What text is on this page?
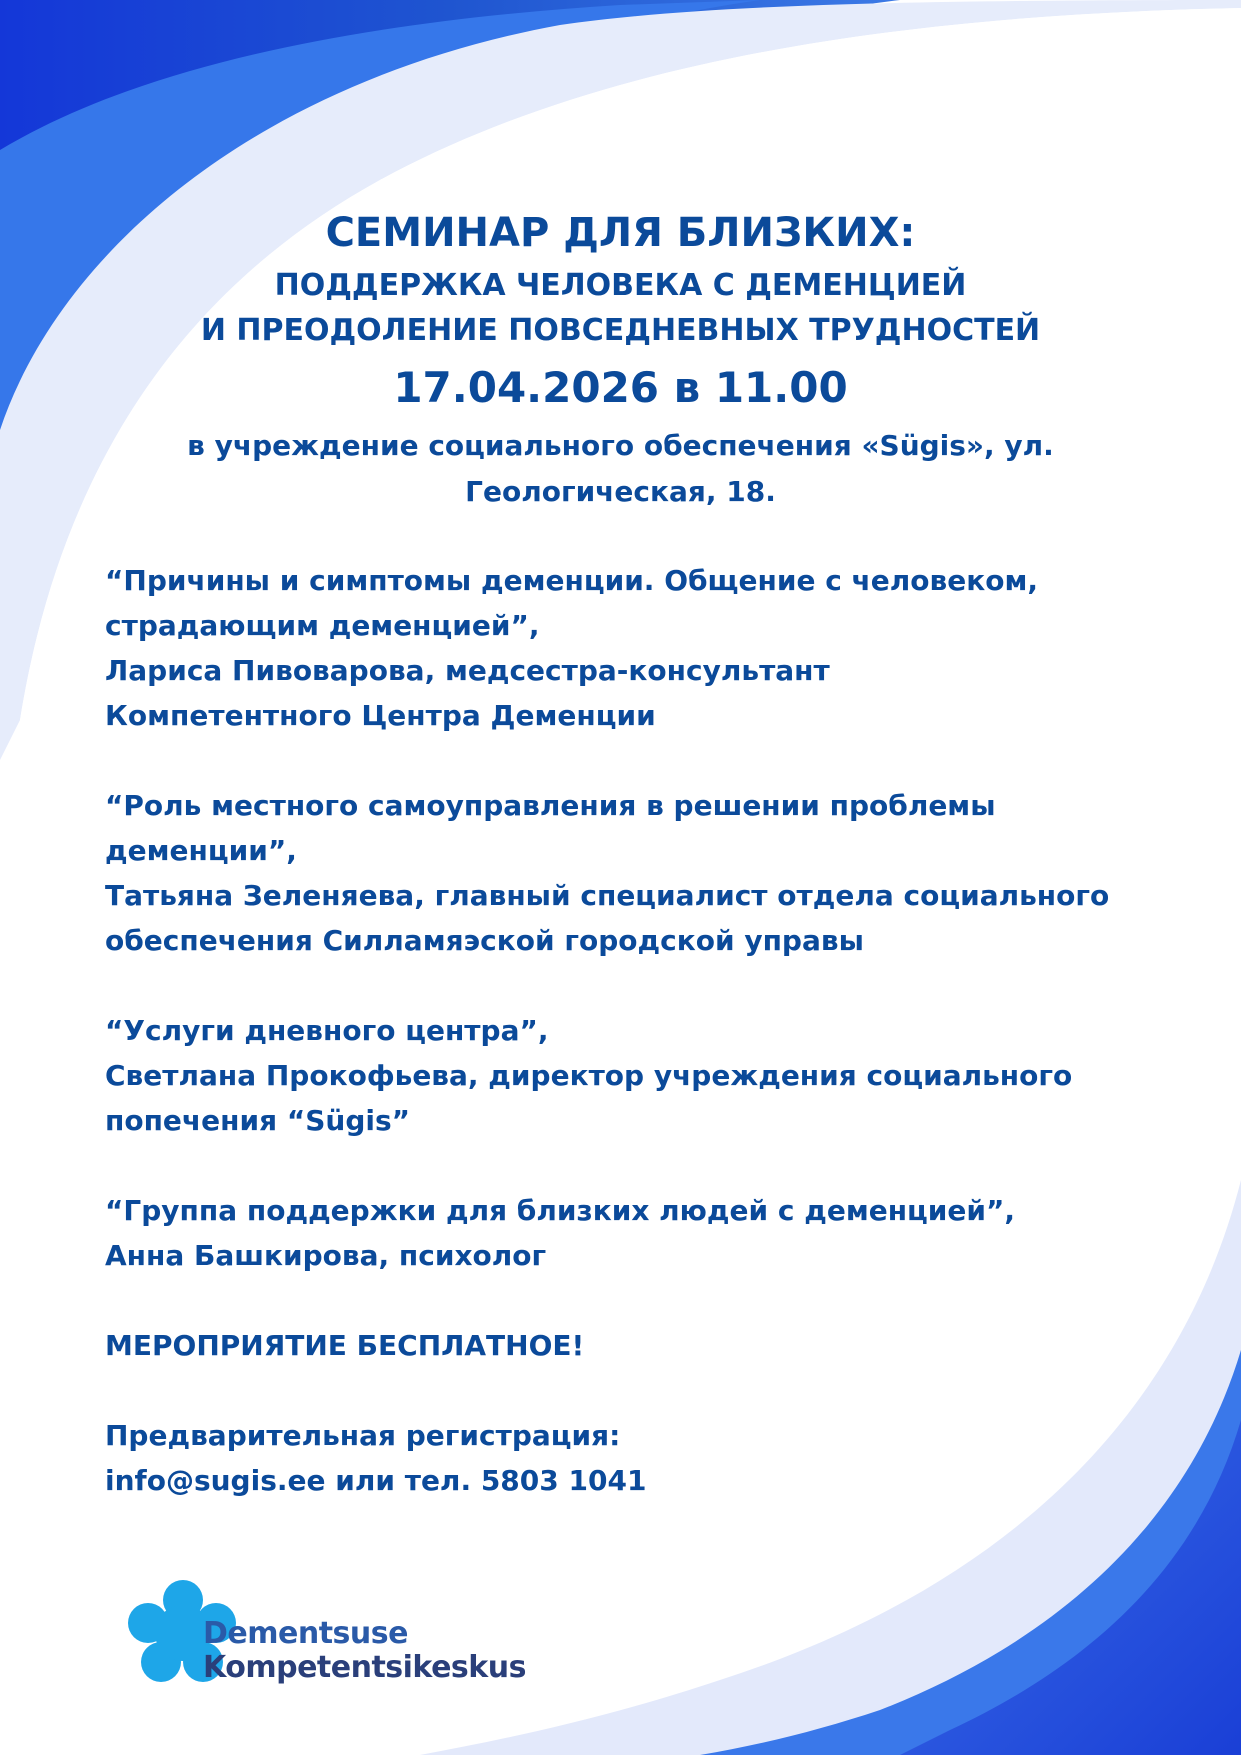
СЕМИНАР ДЛЯ БЛИЗКИХ:
ПОДДЕРЖКА ЧЕЛОВЕКА С ДЕМЕНЦИЕЙ
И ПРЕОДОЛЕНИЕ ПОВСЕДНЕВНЫХ ТРУДНОСТЕЙ
17.04.2026 в 11.00
в учреждение социального обеспечения «Sügis», ул. Геологическая, 18.

“Причины и симптомы деменции. Общение с человеком, страдающим деменцией”,
Лариса Пивоварова, медсестра-консультант
Компетентного Центра Деменции

“Роль местного самоуправления в решении проблемы деменции”,
Татьяна Зеленяева, главный специалист отдела социального обеспечения Силламяэской городской управы

“Услуги дневного центра”,
Светлана Прокофьева, директор учреждения социального попечения “Sügis”

“Группа поддержки для близких людей с деменцией”,
Анна Башкирова, психолог

МЕРОПРИЯТИЕ БЕСПЛАТНОЕ!

Предварительная регистрация:
info@sugis.ee или тел. 5803 1041

Dementsuse
Kompetentsikeskus
